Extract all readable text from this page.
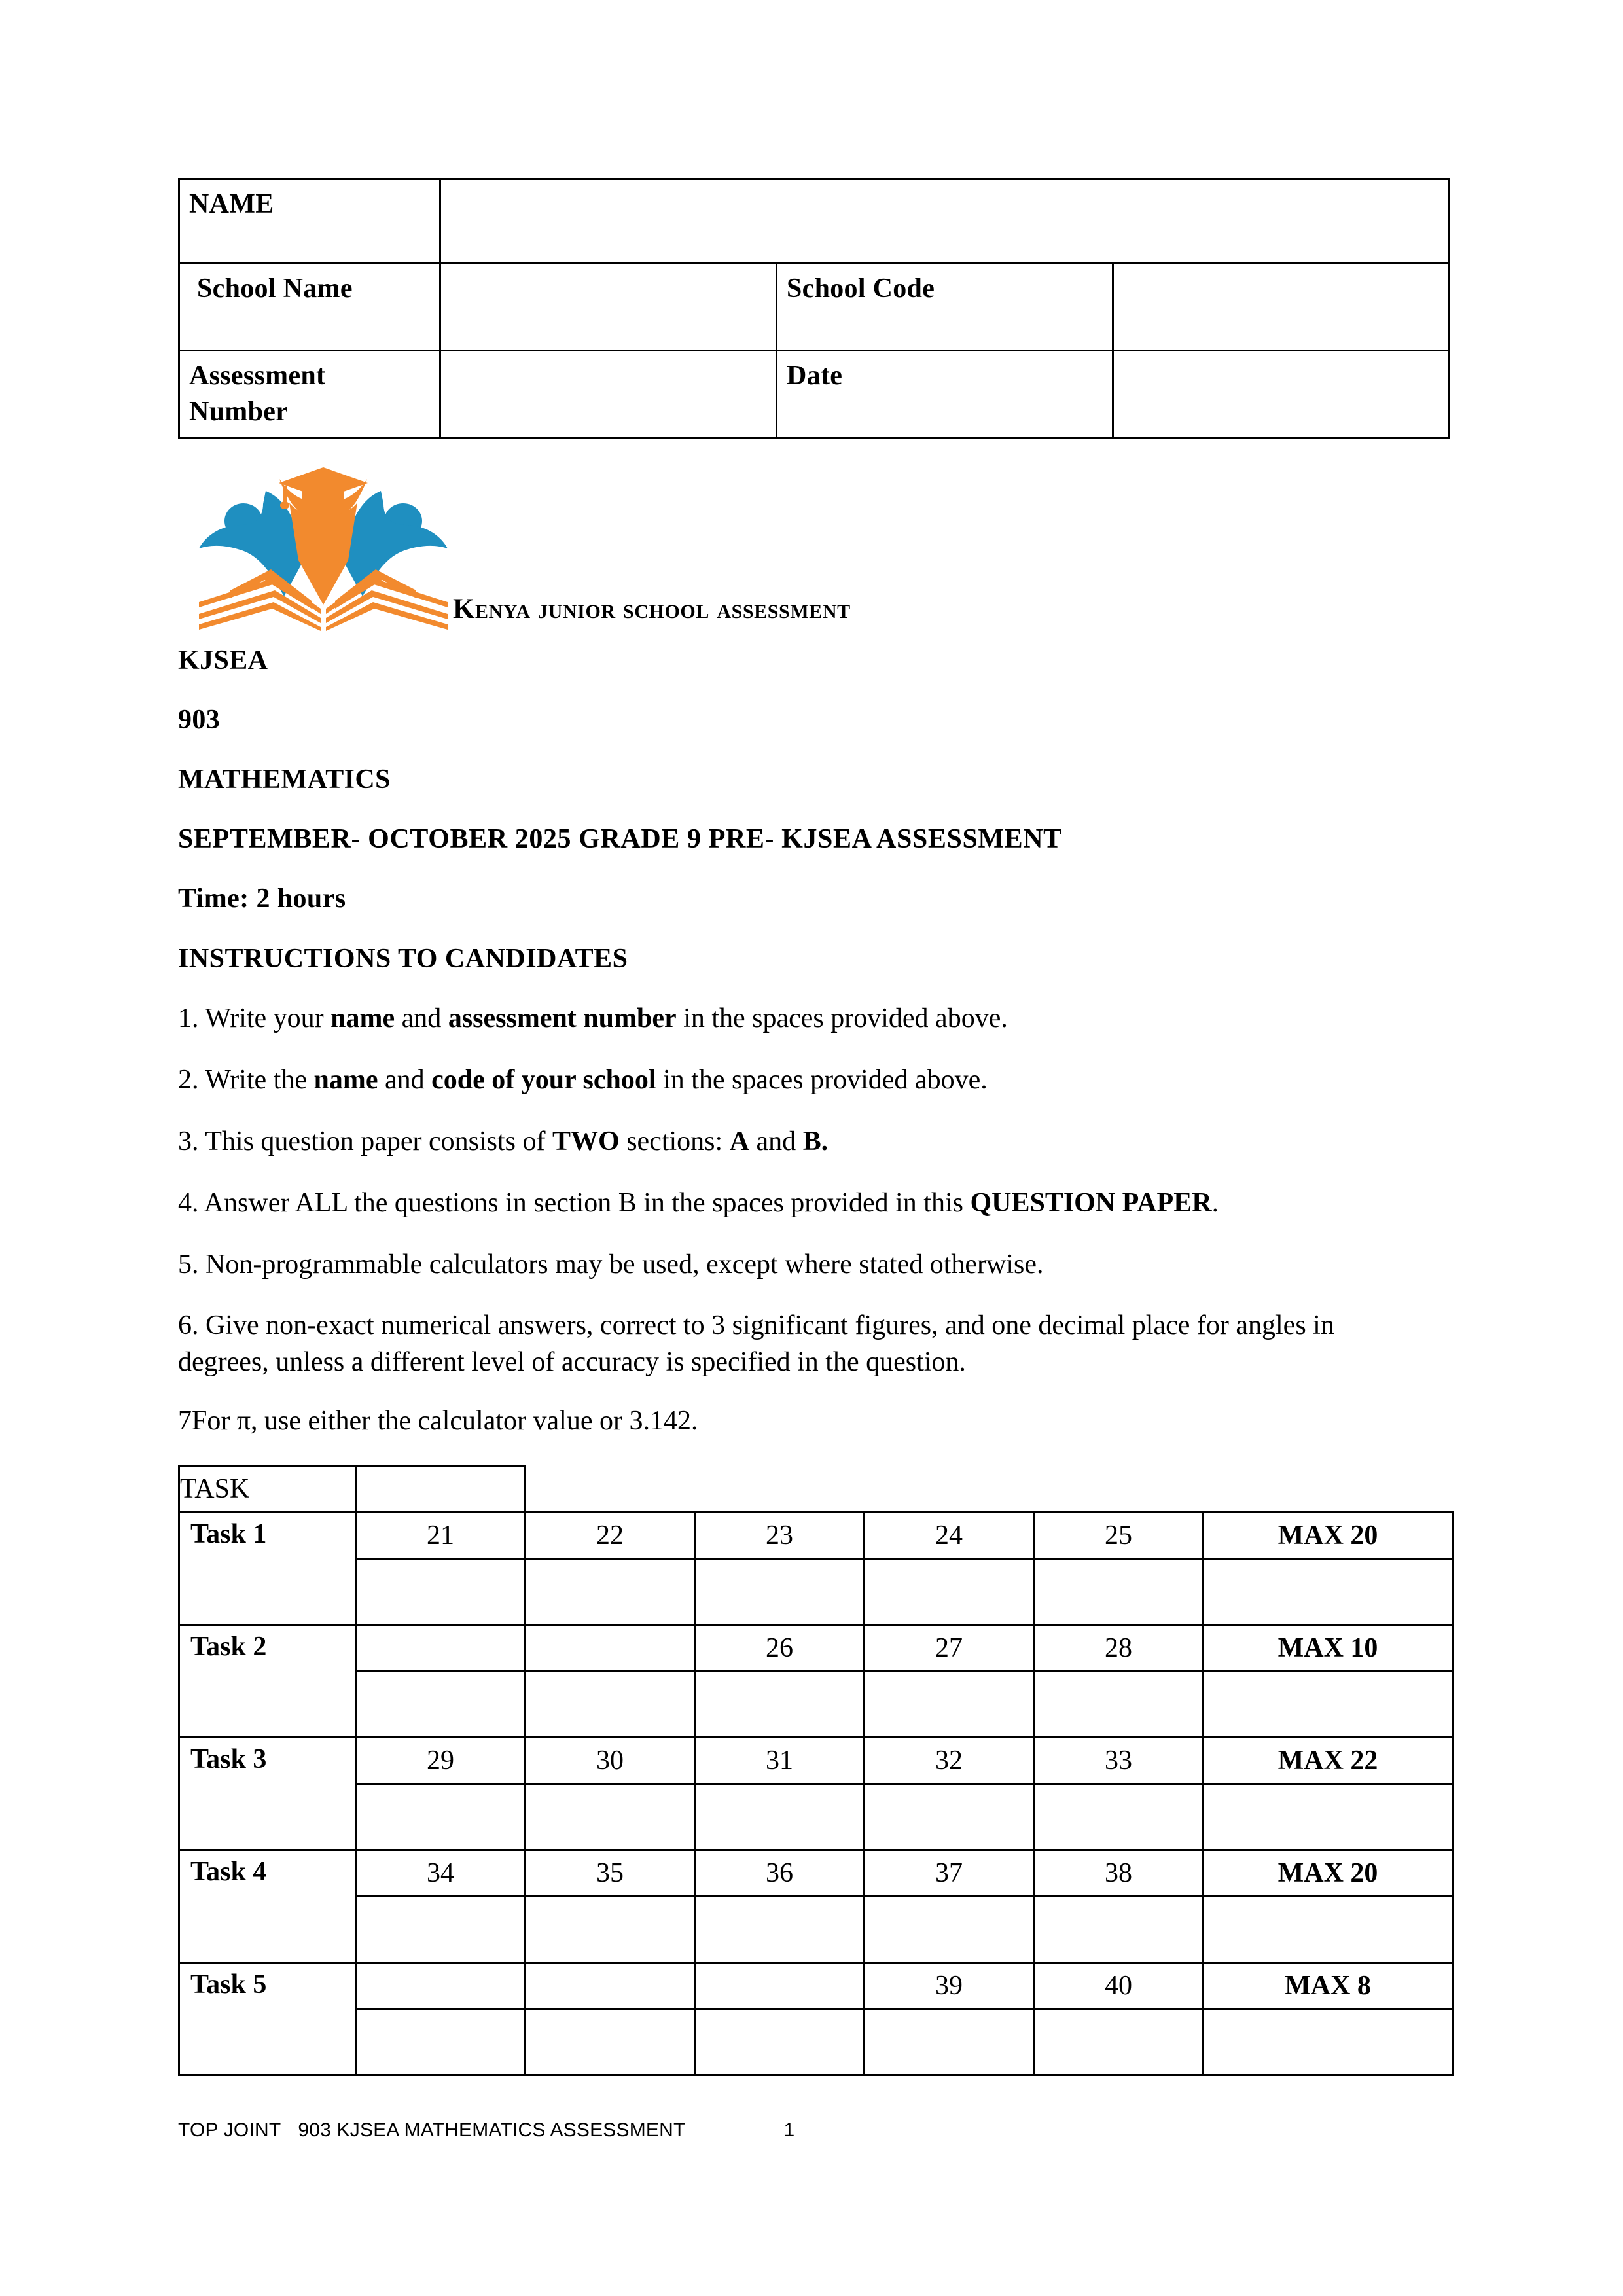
NAME			
School Name		School Code	
Assessment Number		Date	
Kenya junior school assessment
KJSEA
903
MATHEMATICS
SEPTEMBER- OCTOBER 2025 GRADE 9 PRE- KJSEA ASSESSMENT
Time: 2 hours
INSTRUCTIONS TO CANDIDATES

1. Write your name and assessment number in the spaces provided above.

2. Write the name and code of your school in the spaces provided above.

3. This question paper consists of TWO sections: A and B.

4. Answer ALL the questions in section B in the spaces provided in this QUESTION PAPER.

5. Non-programmable calculators may be used, except where stated otherwise.

6. Give non-exact numerical answers, correct to 3 significant figures, and one decimal place for angles in degrees, unless a different level of accuracy is specified in the question.

7For π, use either the calculator value or 3.142.

TASK						
Task 1	21	22	23	24	25	MAX 20

Task 2			26	27	28	MAX 10

Task 3	29	30	31	32	33	MAX 22

Task 4	34	35	36	37	38	MAX 20

Task 5				39	40	MAX 8

TOP JOINT 903 KJSEA MATHEMATICS ASSESSMENT	1
